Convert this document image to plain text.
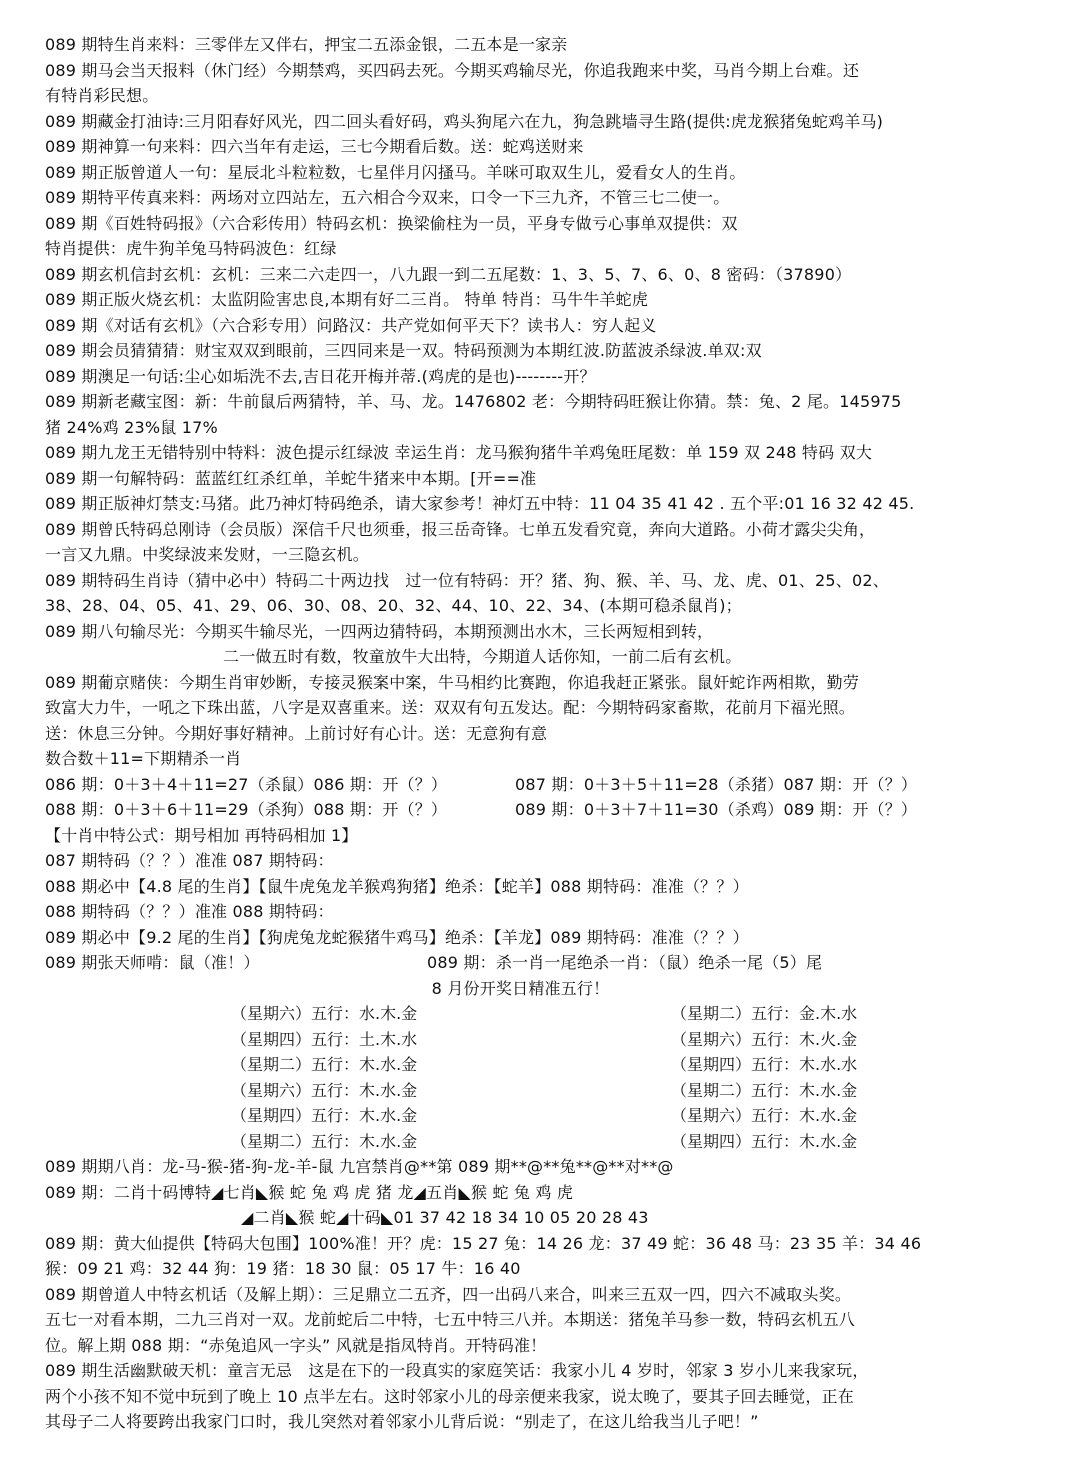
089 期特生肖来料：三零伴左又伴右，押宝二五添金银，二五本是一家亲
089 期马会当天报料（休门经）今期禁鸡，买四码去死。今期买鸡输尽光，你追我跑来中奖，马肖今期上台难。还
有特肖彩民想。
089 期藏金打油诗:三月阳春好风光，四二回头看好码，鸡头狗尾六在九，狗急跳墙寻生路(提供:虎龙猴猪兔蛇鸡羊马)
089 期神算一句来料：四六当年有走运，三七今期看后数。送：蛇鸡送财来
089 期正版曾道人一句：星辰北斗粒粒数，七星伴月闪搔马。羊咪可取双生儿，爱看女人的生肖。
089 期特平传真来料：两场对立四站左，五六相合今双来，口令一下三九齐，不管三七二使一。
089 期《百姓特码报》（六合彩传用）特码玄机：换梁偷柱为一员，平身专做亏心事单双提供：双
特肖提供：虎牛狗羊兔马特码波色：红绿
089 期玄机信封玄机：玄机：三来二六走四一，八九跟一到二五尾数：1、3、5、7、6、0、8 密码：（37890）
089 期正版火烧玄机：太监阴险害忠良,本期有好二三肖。 特单 特肖：马牛牛羊蛇虎
089 期《对话有玄机》（六合彩专用）问路汉：共产党如何平天下？读书人：穷人起义
089 期会员猜猜猜：财宝双双到眼前，三四同来是一双。特码预测为本期红波.防蓝波杀绿波.单双:双
089 期澳足一句话:尘心如垢洗不去,吉日花开梅并蒂.(鸡虎的是也)--------开？
089 期新老藏宝图：新：牛前鼠后两猜特，羊、马、龙。1476802 老：今期特码旺猴让你猜。禁：兔、2 尾。145975
猪 24%鸡 23%鼠 17%
089 期九龙王无错特别中特料：波色提示红绿波 幸运生肖：龙马猴狗猪牛羊鸡兔旺尾数：单 159 双 248 特码 双大
089 期一句解特码：蓝蓝红红杀红单，羊蛇牛猪来中本期。[开==准
089 期正版神灯禁支:马猪。此乃神灯特码绝杀，请大家参考！神灯五中特：11 04 35 41 42 . 五个平:01 16 32 42 45.
089 期曾氏特码总刚诗（会员版）深信千尺也须垂，报三岳奇锋。七单五发看究竟，奔向大道路。小荷才露尖尖角，
一言又九鼎。中奖绿波来发财，一三隐玄机。
089 期特码生肖诗（猜中必中）特码二十两边找　过一位有特码：开？猪、狗、猴、羊、马、龙、虎、01、25、02、
38、28、04、05、41、29、06、30、08、20、32、44、10、22、34、(本期可稳杀鼠肖)；
089 期八句输尽光：今期买牛输尽光，一四两边猜特码，本期预测出水木，三长两短相到转，
二一做五时有数，牧童放牛大出特，今期道人话你知，一前二后有玄机。
089 期葡京赌侠：今期生肖审妙断，专接灵猴案中案，牛马相约比赛跑，你追我赶正紧张。鼠奸蛇诈两相欺，勤劳
致富大力牛，一吼之下珠出蓝，八字是双喜重来。送：双双有句五发达。配：今期特码家畜欺，花前月下福光照。
送：休息三分钟。今期好事好精神。上前讨好有心计。送：无意狗有意
数合数＋11=下期精杀一肖
086 期：0＋3＋4＋11=27（杀鼠）086 期：开（？）	087 期：0＋3＋5＋11=28（杀猪）087 期：开（？）
088 期：0＋3＋6＋11=29（杀狗）088 期：开（？）	089 期：0＋3＋7＋11=30（杀鸡）089 期：开（？）
【十肖中特公式：期号相加 再特码相加 1】
087 期特码（？？）准准 087 期特码：
088 期必中【4.8 尾的生肖】【鼠牛虎兔龙羊猴鸡狗猪】绝杀：【蛇羊】088 期特码：准准（？？）
088 期特码（？？）准准 088 期特码：
089 期必中【9.2 尾的生肖】【狗虎兔龙蛇猴猪牛鸡马】绝杀：【羊龙】089 期特码：准准（？？）
089 期张天师啃：鼠（准！）	089 期：杀一肖一尾绝杀一肖：（鼠）绝杀一尾（5）尾
8 月份开奖日精准五行！
（星期六）五行：水.木.金	（星期二）五行：金.木.水
（星期四）五行：土.木.水	（星期六）五行：木.火.金
（星期二）五行：木.水.金	（星期四）五行：木.水.水
（星期六）五行：木.水.金	（星期二）五行：木.水.金
（星期四）五行：木.水.金	（星期六）五行：木.水.金
（星期二）五行：木.水.金	（星期四）五行：木.水.金
089 期期八肖：龙-马-猴-猪-狗-龙-羊-鼠 九宫禁肖@**第 089 期**@**兔**@**对**@
089 期：二肖十码博特◢七肖◣猴 蛇 兔 鸡 虎 猪 龙◢五肖◣猴 蛇 兔 鸡 虎
◢二肖◣猴 蛇◢十码◣01 37 42 18 34 10 05 20 28 43
089 期：黄大仙提供【特码大包围】100%准！开？虎：15 27 兔：14 26 龙：37 49 蛇：36 48 马：23 35 羊：34 46
猴：09 21 鸡：32 44 狗：19 猪：18 30 鼠：05 17 牛：16 40
089 期曾道人中特玄机话（及解上期）：三足鼎立二五齐，四一出码八来合，叫来三五双一四，四六不减取头奖。
五七一对看本期，二九三肖对一双。龙前蛇后二中特，七五中特三八并。本期送：猪兔羊马参一数，特码玄机五八
位。解上期 088 期：“赤兔追风一字头” 风就是指凤特肖。开特码准！
089 期生活幽默破天机：童言无忌　这是在下的一段真实的家庭笑话：我家小儿 4 岁时，邻家 3 岁小儿来我家玩，
两个小孩不知不觉中玩到了晚上 10 点半左右。这时邻家小儿的母亲便来我家，说太晚了，要其子回去睡觉，正在
其母子二人将要跨出我家门口时，我儿突然对着邻家小儿背后说：“别走了，在这儿给我当儿子吧！”
